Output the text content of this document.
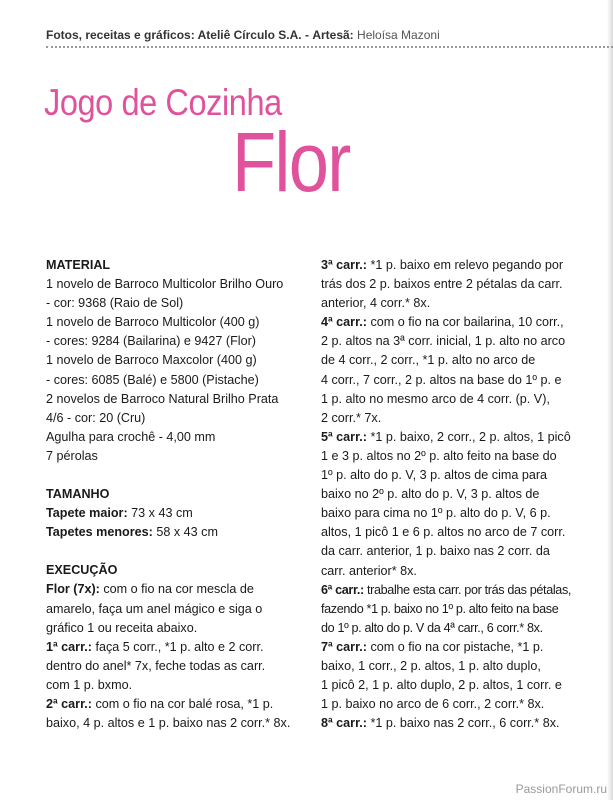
Fotos, receitas e gráficos: Ateliê Círculo S.A. - Artesã: Heloísa Mazoni
Jogo de Cozinha
Flor

MATERIAL

1 novelo de Barroco Multicolor Brilho Ouro

- cor: 9368 (Raio de Sol)

1 novelo de Barroco Multicolor (400 g)

- cores: 9284 (Bailarina) e 9427 (Flor)

1 novelo de Barroco Maxcolor (400 g)

- cores: 6085 (Balé) e 5800 (Pistache)

2 novelos de Barroco Natural Brilho Prata

4/6 - cor: 20 (Cru)

Agulha para crochê - 4,00 mm

7 pérolas

TAMANHO

Tapete maior: 73 x 43 cm

Tapetes menores: 58 x 43 cm

EXECUÇÃO

Flor (7x): com o fio na cor mescla de

amarelo, faça um anel mágico e siga o

gráfico 1 ou receita abaixo.

1ª carr.: faça 5 corr., *1 p. alto e 2 corr.

dentro do anel* 7x, feche todas as carr.

com 1 p. bxmo.

2ª carr.: com o fio na cor balé rosa, *1 p.

baixo, 4 p. altos e 1 p. baixo nas 2 corr.* 8x.

3ª carr.: *1 p. baixo em relevo pegando por

trás dos 2 p. baixos entre 2 pétalas da carr.

anterior, 4 corr.* 8x.

4ª carr.: com o fio na cor bailarina, 10 corr.,

2 p. altos na 3ª corr. inicial, 1 p. alto no arco

de 4 corr., 2 corr., *1 p. alto no arco de

4 corr., 7 corr., 2 p. altos na base do 1º p. e

1 p. alto no mesmo arco de 4 corr. (p. V),

2 corr.* 7x.

5ª carr.: *1 p. baixo, 2 corr., 2 p. altos, 1 picô

1 e 3 p. altos no 2º p. alto feito na base do

1º p. alto do p. V, 3 p. altos de cima para

baixo no 2º p. alto do p. V, 3 p. altos de

baixo para cima no 1º p. alto do p. V, 6 p.

altos, 1 picô 1 e 6 p. altos no arco de 7 corr.

da carr. anterior, 1 p. baixo nas 2 corr. da

carr. anterior* 8x.

6ª carr.: trabalhe esta carr. por trás das pétalas,

fazendo *1 p. baixo no 1º p. alto feito na base

do 1º p. alto do p. V da 4ª carr., 6 corr.* 8x.

7ª carr.: com o fio na cor pistache, *1 p.

baixo, 1 corr., 2 p. altos, 1 p. alto duplo,

1 picô 2, 1 p. alto duplo, 2 p. altos, 1 corr. e

1 p. baixo no arco de 6 corr., 2 corr.* 8x.

8ª carr.: *1 p. baixo nas 2 corr., 6 corr.* 8x.

PassionForum.ru
